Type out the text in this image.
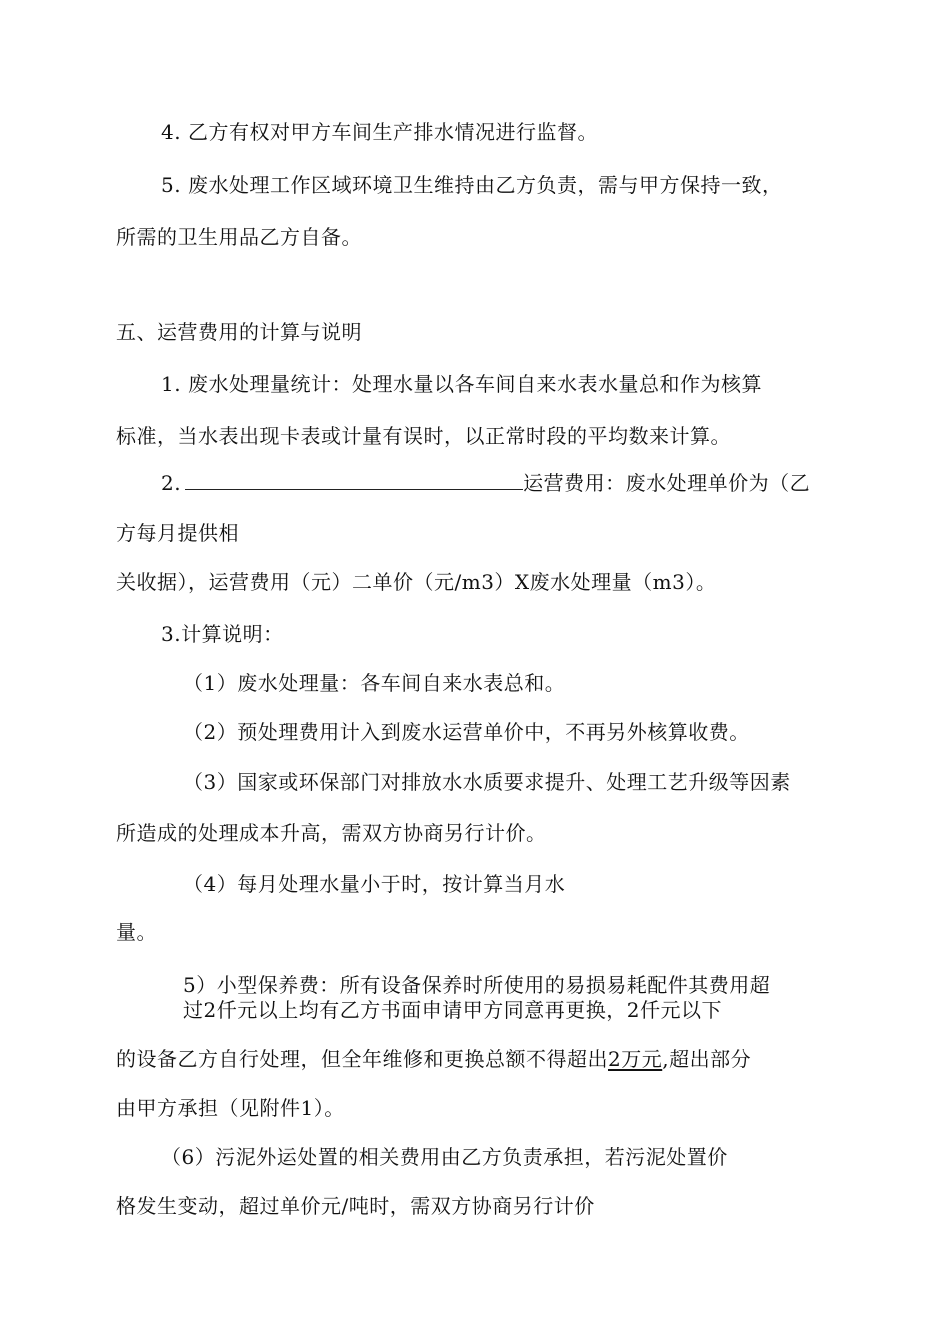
4. 乙方有权对甲方车间生产排水情况进行监督。
5. 废水处理工作区域环境卫生维持由乙方负责，需与甲方保持一致，
所需的卫生用品乙方自备。
五、运营费用的计算与说明
1. 废水处理量统计：处理水量以各车间自来水表水量总和作为核算
标准，当水表出现卡表或计量有误时，以正常时段的平均数来计算。
2.	运营费用：废水处理单价为（乙
方每月提供相
关收据），运营费用（元）二单价（元/m3）X废水处理量（m3）。
3.计算说明：
（1）废水处理量：各车间自来水表总和。
（2）预处理费用计入到废水运营单价中，不再另外核算收费。
（3）国家或环保部门对排放水水质要求提升、处理工艺升级等因素
所造成的处理成本升高，需双方协商另行计价。
（4）每月处理水量小于时，按计算当月水
量。
5）小型保养费：所有设备保养时所使用的易损易耗配件其费用超
过2仟元以上均有乙方书面申请甲方同意再更换，2仟元以下
的设备乙方自行处理，但全年维修和更换总额不得超出2万元,超出部分
由甲方承担（见附件1）。
（6）污泥外运处置的相关费用由乙方负责承担，若污泥处置价
格发生变动，超过单价元/吨时，需双方协商另行计价
